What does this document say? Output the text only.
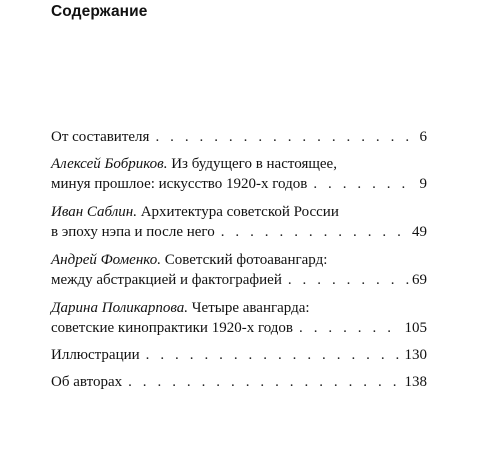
Содержание
От составителя . . .	6
Алексей Бобриков.
Из будущего в настоящее,
минуя прошлое: искусство 1920-х годов . . .	9
Иван Саблин.
Архитектура советской России
в эпоху нэпа и после него . . .	49
Андрей Фоменко.
Советский фотоавангард:
между абстракцией и фактографией . . .	69
Дарина Поликарпова.
Четыре авангарда:
советские кинопрактики 1920-х годов . . .	105
Иллюстрации . . .	130
Об авторах . . .	138
